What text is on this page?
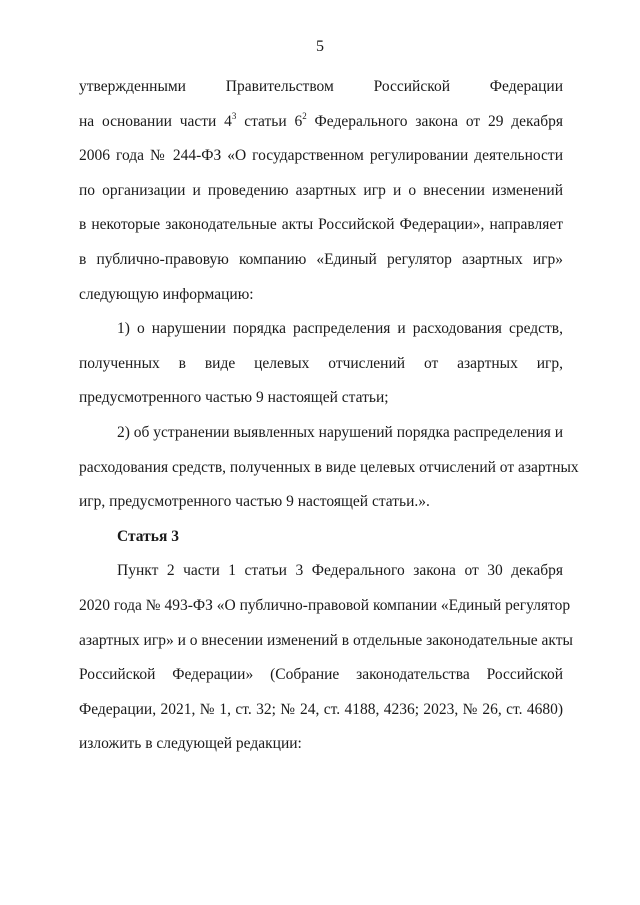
5
утвержденными Правительством Российской Федерации
на основании части $4^3$ статьи $6^2$ Федерального закона от 29 декабря
2006 года № 244-ФЗ «О государственном регулировании деятельности
по организации и проведению азартных игр и о внесении изменений
в некоторые законодательные акты Российской Федерации», направляет
в публично-правовую компанию «Единый регулятор азартных игр»
следующую информацию:
1) о нарушении порядка распределения и расходования средств,
полученных в виде целевых отчислений от азартных игр,
предусмотренного частью 9 настоящей статьи;
2) об устранении выявленных нарушений порядка распределения и
расходования средств, полученных в виде целевых отчислений от азартных
игр, предусмотренного частью 9 настоящей статьи.».
Статья 3
Пункт 2 части 1 статьи 3 Федерального закона от 30 декабря
2020 года № 493-ФЗ «О публично-правовой компании «Единый регулятор
азартных игр» и о внесении изменений в отдельные законодательные акты
Российской Федерации» (Собрание законодательства Российской
Федерации, 2021, № 1, ст. 32; № 24, ст. 4188, 4236; 2023, № 26, ст. 4680)
изложить в следующей редакции:
